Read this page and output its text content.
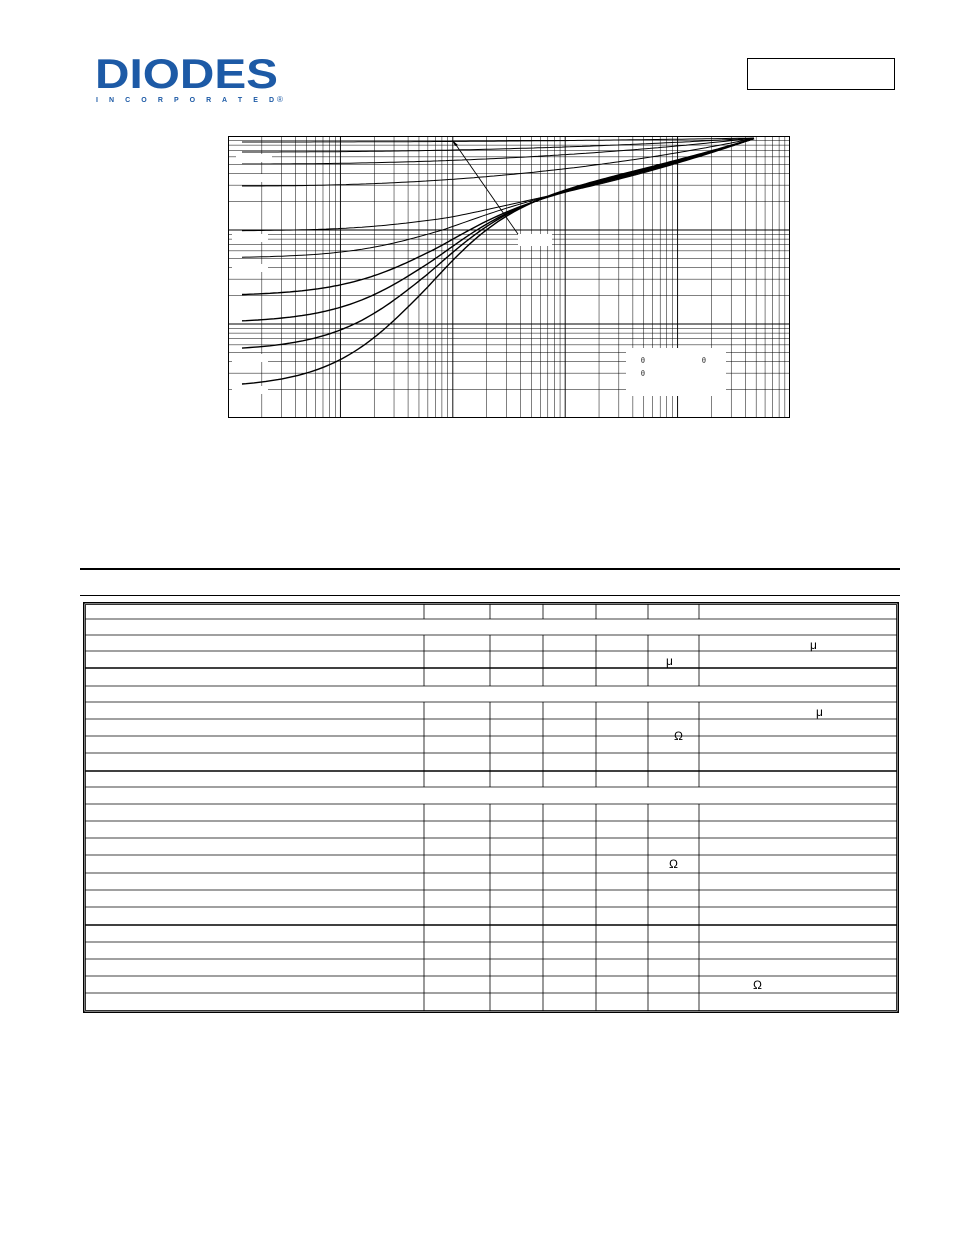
DIODES
I N C O R P O R A T E D ®
θ	θ
θ
μ
μ
μ
Ω
Ω
Ω
